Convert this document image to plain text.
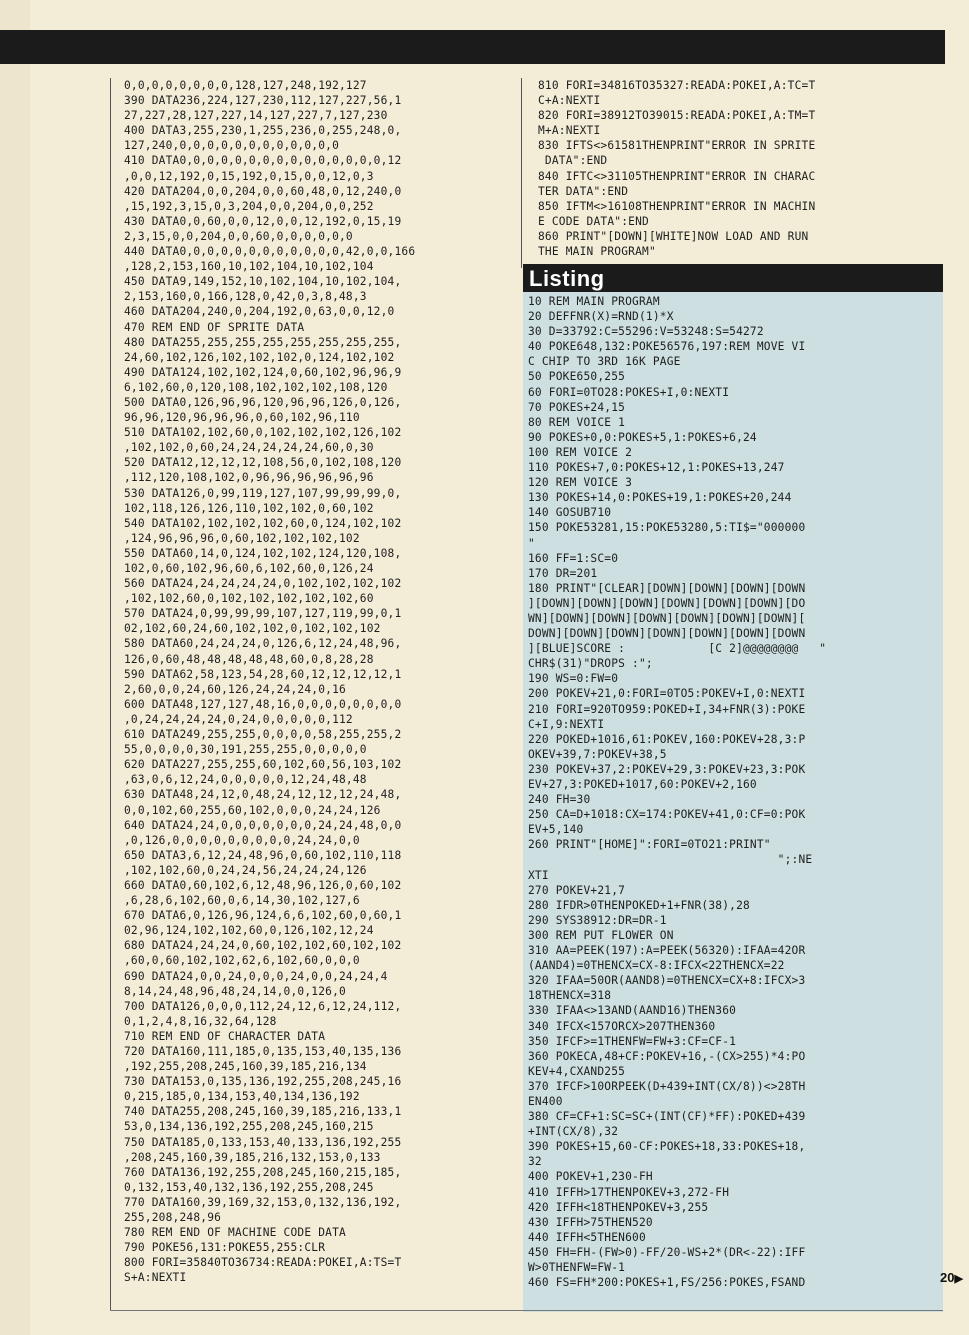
0,0,0,0,0,0,0,0,128,127,248,192,127
390 DATA236,224,127,230,112,127,227,56,1
27,227,28,127,227,14,127,227,7,127,230
400 DATA3,255,230,1,255,236,0,255,248,0,
127,240,0,0,0,0,0,0,0,0,0,0,0,0
410 DATA0,0,0,0,0,0,0,0,0,0,0,0,0,0,0,12
,0,0,12,192,0,15,192,0,15,0,0,12,0,3
420 DATA204,0,0,204,0,0,60,48,0,12,240,0
,15,192,3,15,0,3,204,0,0,204,0,0,252
430 DATA0,0,60,0,0,12,0,0,12,192,0,15,19
2,3,15,0,0,204,0,0,60,0,0,0,0,0,0
440 DATA0,0,0,0,0,0,0,0,0,0,0,0,42,0,0,166
,128,2,153,160,10,102,104,10,102,104
450 DATA9,149,152,10,102,104,10,102,104,
2,153,160,0,166,128,0,42,0,3,8,48,3
460 DATA204,240,0,204,192,0,63,0,0,12,0
470 REM END OF SPRITE DATA
480 DATA255,255,255,255,255,255,255,255,
24,60,102,126,102,102,102,0,124,102,102
490 DATA124,102,102,124,0,60,102,96,96,9
6,102,60,0,120,108,102,102,102,108,120
500 DATA0,126,96,96,120,96,96,126,0,126,
96,96,120,96,96,96,0,60,102,96,110
510 DATA102,102,60,0,102,102,102,126,102
,102,102,0,60,24,24,24,24,24,60,0,30
520 DATA12,12,12,12,108,56,0,102,108,120
,112,120,108,102,0,96,96,96,96,96,96
530 DATA126,0,99,119,127,107,99,99,99,0,
102,118,126,126,110,102,102,0,60,102
540 DATA102,102,102,102,60,0,124,102,102
,124,96,96,96,0,60,102,102,102,102
550 DATA60,14,0,124,102,102,124,120,108,
102,0,60,102,96,60,6,102,60,0,126,24
560 DATA24,24,24,24,24,0,102,102,102,102
,102,102,60,0,102,102,102,102,102,60
570 DATA24,0,99,99,99,107,127,119,99,0,1
02,102,60,24,60,102,102,0,102,102,102
580 DATA60,24,24,24,0,126,6,12,24,48,96,
126,0,60,48,48,48,48,48,60,0,8,28,28
590 DATA62,58,123,54,28,60,12,12,12,12,1
2,60,0,0,24,60,126,24,24,24,0,16
600 DATA48,127,127,48,16,0,0,0,0,0,0,0,0
,0,24,24,24,24,0,24,0,0,0,0,0,112
610 DATA249,255,255,0,0,0,0,58,255,255,2
55,0,0,0,0,30,191,255,255,0,0,0,0,0
620 DATA227,255,255,60,102,60,56,103,102
,63,0,6,12,24,0,0,0,0,0,12,24,48,48
630 DATA48,24,12,0,48,24,12,12,12,24,48,
0,0,102,60,255,60,102,0,0,0,24,24,126
640 DATA24,24,0,0,0,0,0,0,0,24,24,48,0,0
,0,126,0,0,0,0,0,0,0,0,0,24,24,0,0
650 DATA3,6,12,24,48,96,0,60,102,110,118
,102,102,60,0,24,24,56,24,24,24,126
660 DATA0,60,102,6,12,48,96,126,0,60,102
,6,28,6,102,60,0,6,14,30,102,127,6
670 DATA6,0,126,96,124,6,6,102,60,0,60,1
02,96,124,102,102,60,0,126,102,12,24
680 DATA24,24,24,0,60,102,102,60,102,102
,60,0,60,102,102,62,6,102,60,0,0,0
690 DATA24,0,0,24,0,0,0,24,0,0,24,24,4
8,14,24,48,96,48,24,14,0,0,126,0
700 DATA126,0,0,0,112,24,12,6,12,24,112,
0,1,2,4,8,16,32,64,128
710 REM END OF CHARACTER DATA
720 DATA160,111,185,0,135,153,40,135,136
,192,255,208,245,160,39,185,216,134
730 DATA153,0,135,136,192,255,208,245,16
0,215,185,0,134,153,40,134,136,192
740 DATA255,208,245,160,39,185,216,133,1
53,0,134,136,192,255,208,245,160,215
750 DATA185,0,133,153,40,133,136,192,255
,208,245,160,39,185,216,132,153,0,133
760 DATA136,192,255,208,245,160,215,185,
0,132,153,40,132,136,192,255,208,245
770 DATA160,39,169,32,153,0,132,136,192,
255,208,248,96
780 REM END OF MACHINE CODE DATA
790 POKE56,131:POKE55,255:CLR
800 FORI=35840TO36734:READA:POKEI,A:TS=T
S+A:NEXTI
810 FORI=34816TO35327:READA:POKEI,A:TC=T
C+A:NEXTI
820 FORI=38912TO39015:READA:POKEI,A:TM=T
M+A:NEXTI
830 IFTS<>61581THENPRINT"ERROR IN SPRITE
DATA":END
840 IFTC<>31105THENPRINT"ERROR IN CHARAC
TER DATA":END
850 IFTM<>16108THENPRINT"ERROR IN MACHIN
E CODE DATA":END
860 PRINT"[DOWN][WHITE]NOW LOAD AND RUN
THE MAIN PROGRAM"
Listing
10 REM MAIN PROGRAM
20 DEFFNR(X)=RND(1)*X
30 D=33792:C=55296:V=53248:S=54272
40 POKE648,132:POKE56576,197:REM MOVE VI
C CHIP TO 3RD 16K PAGE
50 POKE650,255
60 FORI=0TO28:POKES+I,0:NEXTI
70 POKES+24,15
80 REM VOICE 1
90 POKES+0,0:POKES+5,1:POKES+6,24
100 REM VOICE 2
110 POKES+7,0:POKES+12,1:POKES+13,247
120 REM VOICE 3
130 POKES+14,0:POKES+19,1:POKES+20,244
140 GOSUB710
150 POKE53281,15:POKE53280,5:TI$="000000
"
160 FF=1:SC=0
170 DR=201
180 PRINT"[CLEAR][DOWN][DOWN][DOWN][DOWN
][DOWN][DOWN][DOWN][DOWN][DOWN][DOWN][DO
WN][DOWN][DOWN][DOWN][DOWN][DOWN][DOWN][
DOWN][DOWN][DOWN][DOWN][DOWN][DOWN][DOWN
][BLUE]SCORE :            [C 2]@@@@@@@@   "
CHR$(31)"DROPS :";
190 WS=0:FW=0
200 POKEV+21,0:FORI=0TO5:POKEV+I,0:NEXTI
210 FORI=920TO959:POKED+I,34+FNR(3):POKE
C+I,9:NEXTI
220 POKED+1016,61:POKEV,160:POKEV+28,3:P
OKEV+39,7:POKEV+38,5
230 POKEV+37,2:POKEV+29,3:POKEV+23,3:POK
EV+27,3:POKED+1017,60:POKEV+2,160
240 FH=30
250 CA=D+1018:CX=174:POKEV+41,0:CF=0:POK
EV+5,140
260 PRINT"[HOME]":FORI=0TO21:PRINT"
";:NE
XTI
270 POKEV+21,7
280 IFDR>0THENPOKED+1+FNR(38),28
290 SYS38912:DR=DR-1
300 REM PUT FLOWER ON
310 AA=PEEK(197):A=PEEK(56320):IFAA=42OR
(AAND4)=0THENCX=CX-8:IFCX<22THENCX=22
320 IFAA=50OR(AAND8)=0THENCX=CX+8:IFCX>3
18THENCX=318
330 IFAA<>13AND(AAND16)THEN360
340 IFCX<157ORCX>207THEN360
350 IFCF>=1THENFW=FW+3:CF=CF-1
360 POKECA,48+CF:POKEV+16,-(CX>255)*4:PO
KEV+4,CXAND255
370 IFCF>10ORPEEK(D+439+INT(CX/8))<>28TH
EN400
380 CF=CF+1:SC=SC+(INT(CF)*FF):POKED+439
+INT(CX/8),32
390 POKES+15,60-CF:POKES+18,33:POKES+18,
32
400 POKEV+1,230-FH
410 IFFH>17THENPOKEV+3,272-FH
420 IFFH<18THENPOKEV+3,255
430 IFFH>75THEN520
440 IFFH<5THEN600
450 FH=FH-(FW>0)-FF/20-WS+2*(DR<-22):IFF
W>0THENFW=FW-1
460 FS=FH*200:POKES+1,FS/256:POKES,FSAND	20▶
